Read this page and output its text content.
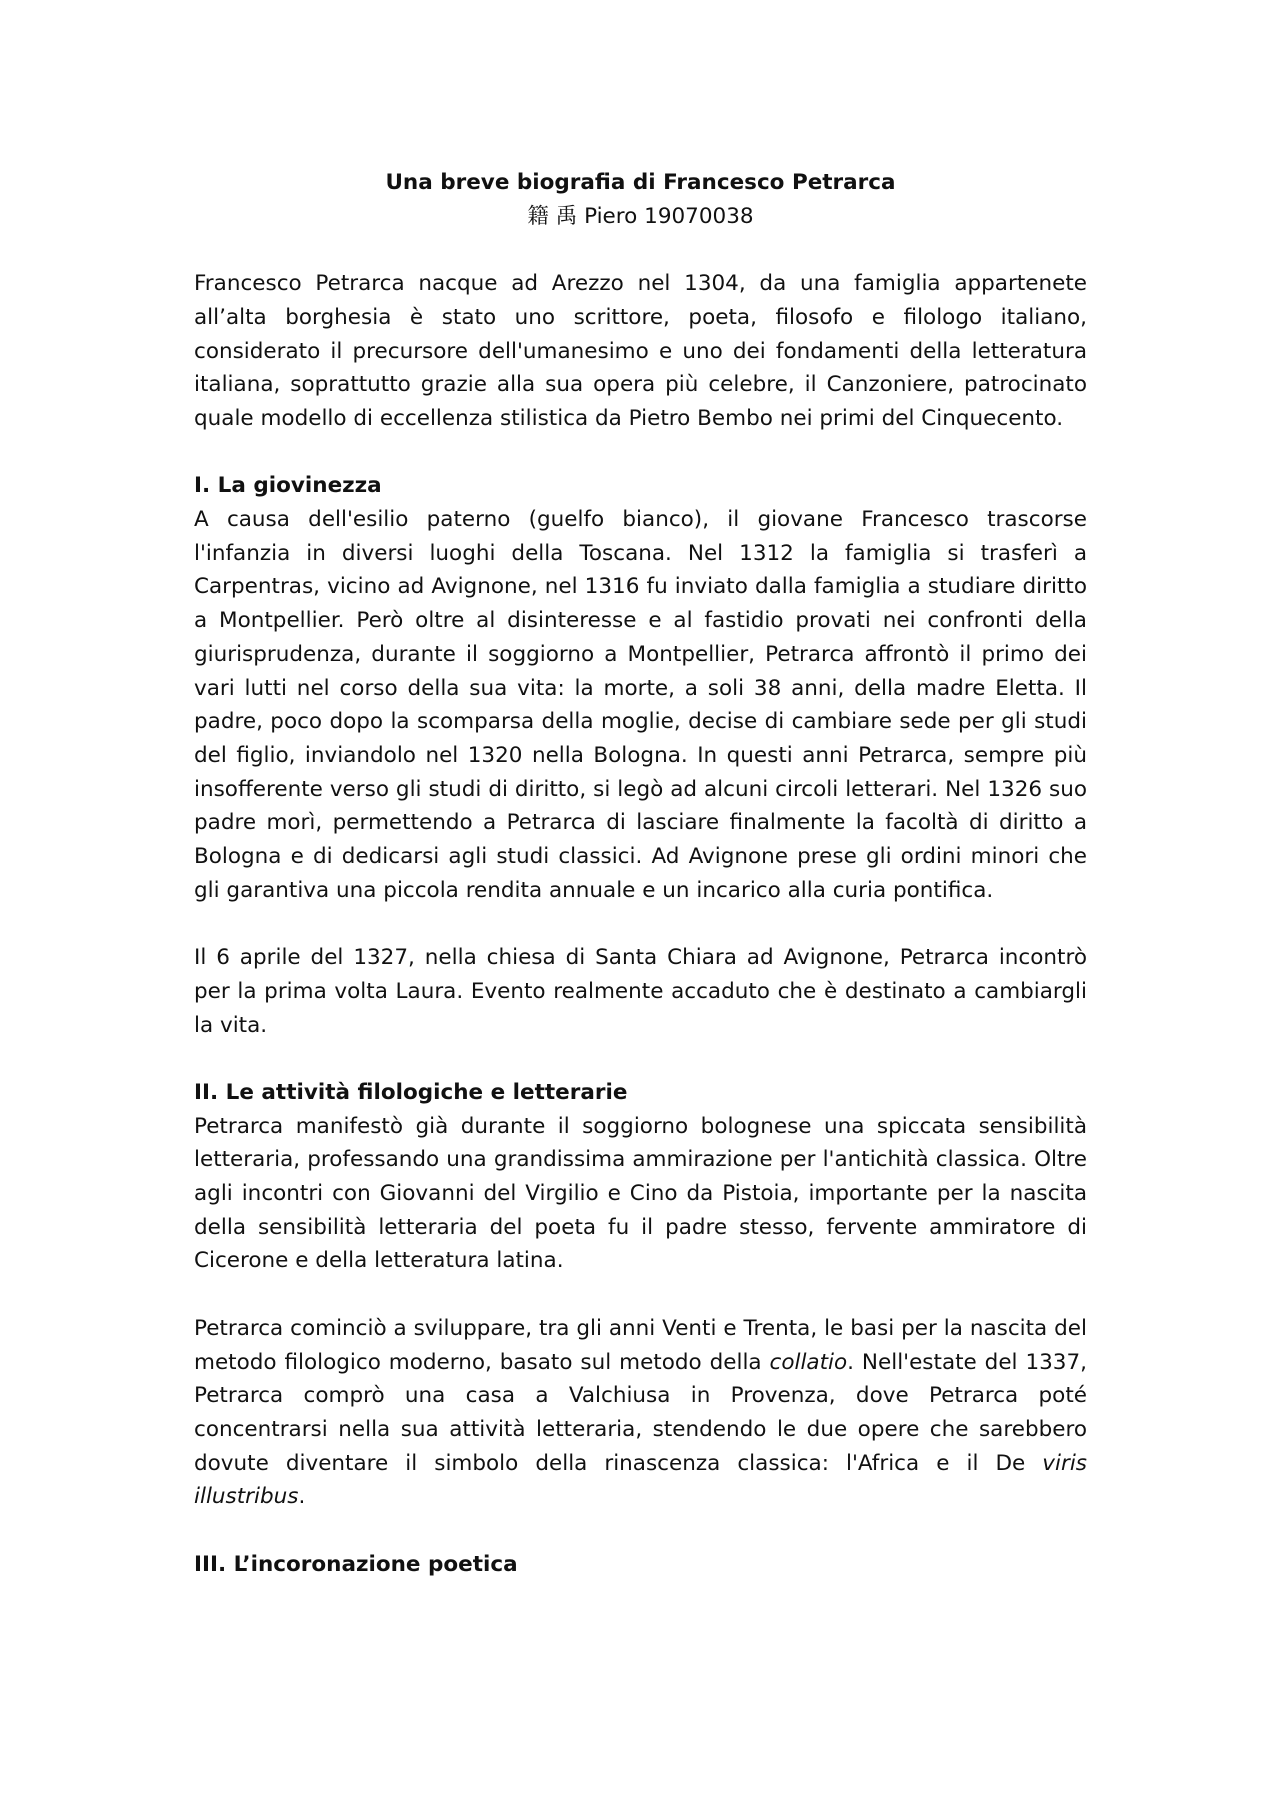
Una breve biografia di Francesco Petrarca

籍 禹 Piero 19070038

Francesco Petrarca nacque ad Arezzo nel 1304, da una famiglia appartenete all’alta borghesia è stato uno scrittore, poeta, filosofo e filologo italiano, considerato il precursore dell'umanesimo e uno dei fondamenti della letteratura italiana, soprattutto grazie alla sua opera più celebre, il Canzoniere, patrocinato quale modello di eccellenza stilistica da Pietro Bembo nei primi del Cinquecento.

I. La giovinezza

A causa dell'esilio paterno (guelfo bianco), il giovane Francesco trascorse l'infanzia in diversi luoghi della Toscana. Nel 1312 la famiglia si trasferì a Carpentras, vicino ad Avignone, nel 1316 fu inviato dalla famiglia a studiare diritto a Montpellier. Però oltre al disinteresse e al fastidio provati nei confronti della giurisprudenza, durante il soggiorno a Montpellier, Petrarca affrontò il primo dei vari lutti nel corso della sua vita: la morte, a soli 38 anni, della madre Eletta. Il padre, poco dopo la scomparsa della moglie, decise di cambiare sede per gli studi del figlio, inviandolo nel 1320 nella Bologna. In questi anni Petrarca, sempre più insofferente verso gli studi di diritto, si legò ad alcuni circoli letterari. Nel 1326 suo padre morì, permettendo a Petrarca di lasciare finalmente la facoltà di diritto a Bologna e di dedicarsi agli studi classici. Ad Avignone prese gli ordini minori che gli garantiva una piccola rendita annuale e un incarico alla curia pontifica.

Il 6 aprile del 1327, nella chiesa di Santa Chiara ad Avignone, Petrarca incontrò per la prima volta Laura. Evento realmente accaduto che è destinato a cambiargli la vita.

II. Le attività filologiche e letterarie

Petrarca manifestò già durante il soggiorno bolognese una spiccata sensibilità letteraria, professando una grandissima ammirazione per l'antichità classica. Oltre agli incontri con Giovanni del Virgilio e Cino da Pistoia, importante per la nascita della sensibilità letteraria del poeta fu il padre stesso, fervente ammiratore di Cicerone e della letteratura latina.

Petrarca cominciò a sviluppare, tra gli anni Venti e Trenta, le basi per la nascita del metodo filologico moderno, basato sul metodo della collatio. Nell'estate del 1337, Petrarca comprò una casa a Valchiusa in Provenza, dove Petrarca poté concentrarsi nella sua attività letteraria, stendendo le due opere che sarebbero dovute diventare il simbolo della rinascenza classica: l'Africa e il De viris illustribus.

III. L’incoronazione poetica
